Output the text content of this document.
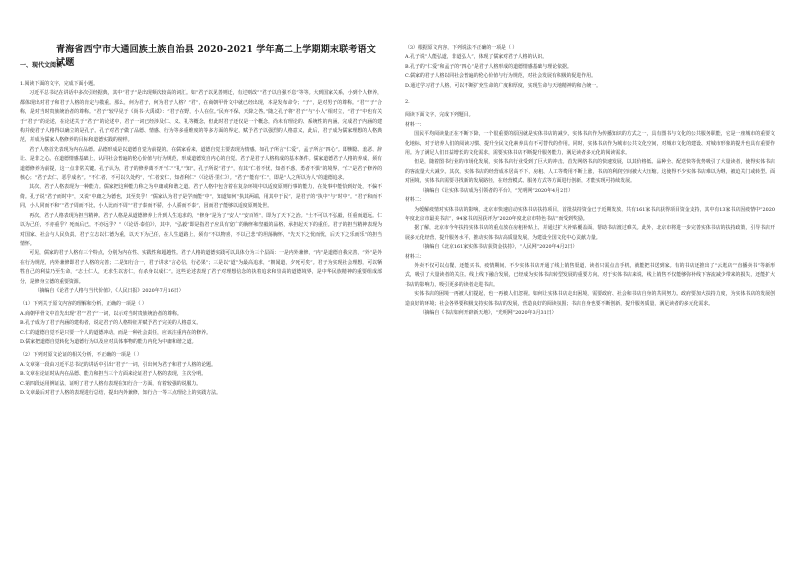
青海省西宁市大通回族土族自治县 2020-2021 学年高二上学期期末联考语文试题
一、现代文阅读

1.阅读下面的文字，完成下面小题。

习近平总书记在讲话中多次引经据典，其中“君子”是出现频次较高的词汇。如“君子以见善则迁，有过则改”“君子以自强不息”等等。大到国家关系，小到个人修养，都体现出对君子和君子人格的肯定与敬重。那么，何为君子，何为君子人格？“君”，在商朝甲骨文中就已经出现，本是发布命令；“子”，是对男子的尊称。“君”“子”合称，是对当时贵族统治者的尊称。“君子”较早见于《尚书·大禹谟》：“君子在野，小人在位。”民弃不保，天降之咎。”随之孔子将“君子”与“小人”相对立，“君子”中也有关于“君子”的论述，在论述关于“君子”的论述中，君子一词已经涉及仁、义、礼等概念，但此时君子还仅是一个概念，尚未有理论的、系统性的内涵。完成君子内涵的建构并使君子人格得以确立的是孔子。孔子对君子做了品德、情感、行为等多重维度的等多方面的界定，赋予君子以强烈的人格意义，此后，君子成为儒家理想的人格典范，并成为儒家人格修养的目标和道德实践的榜样。

君子人格首先表现为内在品德。品德形成是以道德自觉为前提的。在儒家看来，道德自觉主要表现为情感。如孔子所言“仁爱”，孟子所言“四心”。即恻隐、羞恶、辞让、是非之心。在道德情感基础上，认同社会普遍的伦心价值与行为规范，形成道德发自内心的自觉。君子是君子人格构成的基本条件。儒家道德君子人格的养成，须有道德修养为前提，这一点非常关键。孔子认为，君子的修养离不开“仁”“礼”“知”。孔子所说“君子”，有其“仁者不忧，知者不惑，勇者不惧”的境界，“仁”是君子修养的核心；“君子去仁，恶乎成名”。“不仁者，不可以久处约”，“仁者安仁，知者利仁”（《论语·里仁》）。“君子”能有“仁”，即是“人之所以为人”的道德追求。

其次，君子人格表现为一种能力。儒家把这种能力称之为中庸或和谐之道。君子人格中包含着在复杂环境中以适度原则行事的能力，在处事中能恰到好处，不偏不倚。孔子说“君子而时中”，又说“中庸之为德也，其至矣乎！”儒家认为君子是学而能“中”，知道如何“执其两端，用其中于民”，是君子的“执中”与“时中”。“君子和而不同，小人同而不和”“君子周而不比，小人比而不周”“君子泰而不骄，小人骄而不泰”，因而君子能够以适度原则处世。

再次，君子人格表现为担当精神。君子人格是从道德修养上升到人生追求的，“修身”是为了“安人”“安百姓”，即为了天下之治。“士不可以不弘毅，任重而道远。仁以为己任，不亦重乎？死而后已，不亦远乎？”（《论语·泰伯》），其中，“弘毅”即是指君子应具有宽广的胸怀和坚毅的品格，承担起天下的重任。君子的担当精神表现为对国家、社会与人民负责。君子立志以仁德为重，以天下为己任，在人生道路上，须有“不以物喜，不以己悲”的坦荡胸怀，“先天下之忧而忧，后天下之乐而乐”的担当情怀。

可见，儒家的君子人格有三个特点，分别为内在性、实践性和超越性。君子人格的道德实践可以具体分为三个层面：一是内外兼修，“内”是道德自我完善，“外”是外在行为规范，内外兼修即君子人格的完善；二是知行合一，君子讲求“言必信，行必果”；三是以“道”为最高追求，“朝闻道，夕死可矣”。君子为实现社会理想，可以牺牲自己的利益乃至生命，“志士仁人，无求生以害仁，有杀身以成仁”。这些论述表现了君子对理想信念的执着追求和崇高的道德境界，是中华民族精神的重要组成部分，是修身立德的重要资源。

（摘编自《论君子人格与当代价值》，《人民日报》2020年7月16日）

（1）下列关于原文内容的理解和分析，正确的一项是（ ）

A.商朝甲骨文中首先出现“君”“君子”一词，以示对当时贵族统治者的尊称。

B.孔子成为了君子内涵的建构者，说定君子的人格特征并赋予君子完美的人格意义。

C.仁的道德自觉不是只要一个人的道德冲动，而是一种社会责任，应该注重内在的修养。

D.儒家把道德自觉转化为道德行为以及应对具体事物的能力内化为中庸和谐之道。

（2）下列对原文论证的相关分析，不正确的一项是（ ）

A.文章第一段由习近平总书记的讲话中引出“君子”一词，引出何为君子和君子人格的论题。

B.文章在论证时从内在品德、能力和担当三个方面来论证君子人格的表现，主次分明。

C.第四段运用例证法，证明了君子人格有表现在知行合一方面，有着较强的说服力。

D.文章最后对君子人格的表现进行总结，提出内外兼修，知行合一等三点理论上的实践方法。

（3）根据原文内容，下列说法不正确的一项是（ ）

A.孔子说“人能弘道，非道弘人”，体现了儒家对君子人格的认识。

B.孔子的“仁爱”和孟子的“四心”是君子人格形成的道德情感基础与理论依据。

C.儒家的君子人格以同社会普遍的伦心价值与行为规范，对社会发展有积极的促进作用。

D.通过学习君子人格，可以不断扩充生命的广度和厚度，实现生命与天地精神的和合统一。

2.

阅读下面文字，完成下列题目。

材料一：

国民平均阅读量正在不断下降，一个很重要的原因就是实体书店的减少。实体书店作为传播知识的方式之一，具有图书与文化的公共服务职能，它是一座城市的重要文化地标，对于培养人们的阅读习惯、提升全民文化素养具有不可替代的作用。同时，实体书店作为城市公共文化空间，对城市文化的建设、对城市形象的提升也具有重要作用。为了满足人们日益增长的文化需求，需要实体书店不断提升服务能力，满足读者多元化的阅读需求。

但是，随着图书行业的市场化发展，实体书店行业受到了巨大的冲击。首先网络书店的快速发展，以其价格低、品种全、配送快等优势吸引了大量读者，使得实体书店的客流量大大减少。其次，实体书店的经营成本居高不下，房租、人工等费用不断上涨，书店的利润空间被大大压缩。这使得不少实体书店难以为继，被迫关门或转型。面对困境，实体书店需要寻找新的发展路径，在经营模式、服务方式等方面进行创新，才能实现可持续发展。

（摘编自《让实体书店成为引领者的平台》，“光明网”2020年4月2日）

材料二：

为缓解疫情对实体书店的影响，北京市快速启动实体书店扶持项目，首批扶持资金已于近期发放，共有161家书店获得项目资金支持，其中有13家书店因疫情中“2020年度北京市最美书店”，94家书店因获评为“2020年度北京市特色书店”而受到奖励。

据了解，北京市今年扶持实体书店的重点放在房租补贴上，并通过扩大补贴覆盖面，帮助书店渡过难关。此外，北京市将进一步完善实体书店的扶持政策，引导书店开展多元化经营，提升服务水平，推动实体书店高质量发展，为建设全国文化中心贡献力量。

（摘编自《北京161家实体书店获资金扶持》，“人民网”2020年4月2日）

材料三：

外卖不仅可以点餐，还能买书。疫情期间，不少实体书店开通了线上销售渠道，读者只需点击手机，就能把书送到家。有的书店还推出了“云逛店”“直播卖书”等新形式，吸引了大量读者的关注。线上线下融合发展，已经成为实体书店转型发展的重要方向。对于实体书店来说，线上销售不仅能够弥补线下客流减少带来的损失，还能扩大书店的影响力，吸引更多的读者走进书店。

实体书店的困境一再被人们提起，也一再被人们忽视。如何让实体书店走出困境，需要政府、社会和书店自身的共同努力。政府要加大扶持力度，为实体书店的发展创造良好的环境；社会各界要积极支持实体书店的发展，营造良好的阅读氛围；书店自身也要不断创新，提升服务质量，满足读者的多元化需求。

（摘编自《书店如何开辟新天地》，“光明网”2020年3月31日）
